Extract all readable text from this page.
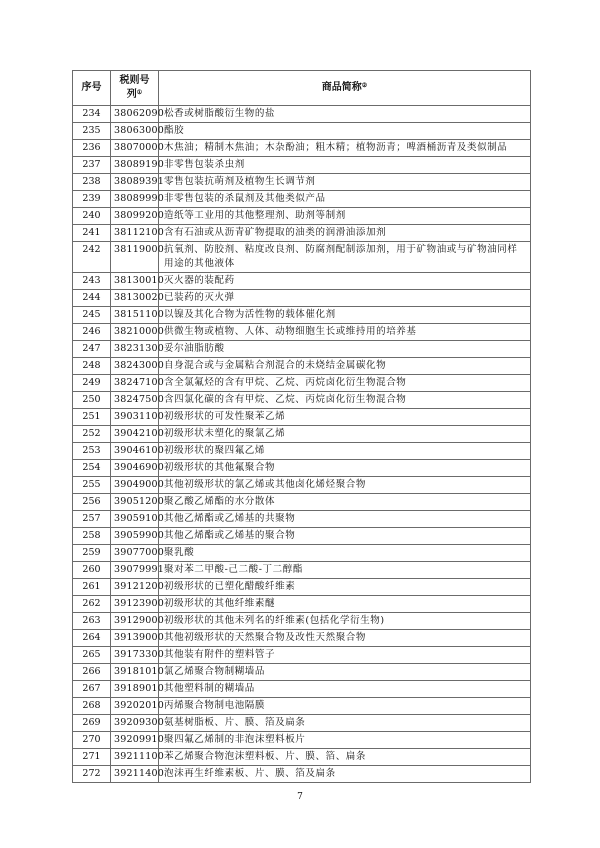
序号	税则号列①	商品简称②
234	38062090	松香或树脂酸衍生物的盐
235	38063000	酯胶
236	38070000	木焦油；精制木焦油；木杂酚油；粗木精；植物沥青；啤酒桶沥青及类似制品
237	38089190	非零售包装杀虫剂
238	38089391	零售包装抗萌剂及植物生长调节剂
239	38089990	非零售包装的杀鼠剂及其他类似产品
240	38099200	造纸等工业用的其他整理剂、助剂等制剂
241	38112100	含有石油或从沥青矿物提取的油类的润滑油添加剂
242	38119000	抗氧剂、防胶剂、粘度改良剂、防腐剂配制添加剂，用于矿物油或与矿物油同样用途的其他液体
243	38130010	灭火器的装配药
244	38130020	已装药的灭火弹
245	38151100	以镍及其化合物为活性物的载体催化剂
246	38210000	供微生物或植物、人体、动物细胞生长或维持用的培养基
247	38231300	妥尔油脂肪酸
248	38243000	自身混合或与金属粘合剂混合的未烧结金属碳化物
249	38247100	含全氯氟烃的含有甲烷、乙烷、丙烷卤化衍生物混合物
250	38247500	含四氯化碳的含有甲烷、乙烷、丙烷卤化衍生物混合物
251	39031100	初级形状的可发性聚苯乙烯
252	39042100	初级形状未塑化的聚氯乙烯
253	39046100	初级形状的聚四氟乙烯
254	39046900	初级形状的其他氟聚合物
255	39049000	其他初级形状的氯乙烯或其他卤化烯烃聚合物
256	39051200	聚乙酸乙烯酯的水分散体
257	39059100	其他乙烯酯或乙烯基的共聚物
258	39059900	其他乙烯酯或乙烯基的聚合物
259	39077000	聚乳酸
260	39079991	聚对苯二甲酸-己二酸-丁二醇酯
261	39121200	初级形状的已塑化醋酸纤维素
262	39123900	初级形状的其他纤维素醚
263	39129000	初级形状的其他未列名的纤维素(包括化学衍生物)
264	39139000	其他初级形状的天然聚合物及改性天然聚合物
265	39173300	其他装有附件的塑料管子
266	39181010	氯乙烯聚合物制糊墙品
267	39189010	其他塑料制的糊墙品
268	39202010	丙烯聚合物制电池隔膜
269	39209300	氨基树脂板、片、膜、箔及扁条
270	39209910	聚四氟乙烯制的非泡沫塑料板片
271	39211100	苯乙烯聚合物泡沫塑料板、片、膜、箔、扁条
272	39211400	泡沫再生纤维素板、片、膜、箔及扁条
7
